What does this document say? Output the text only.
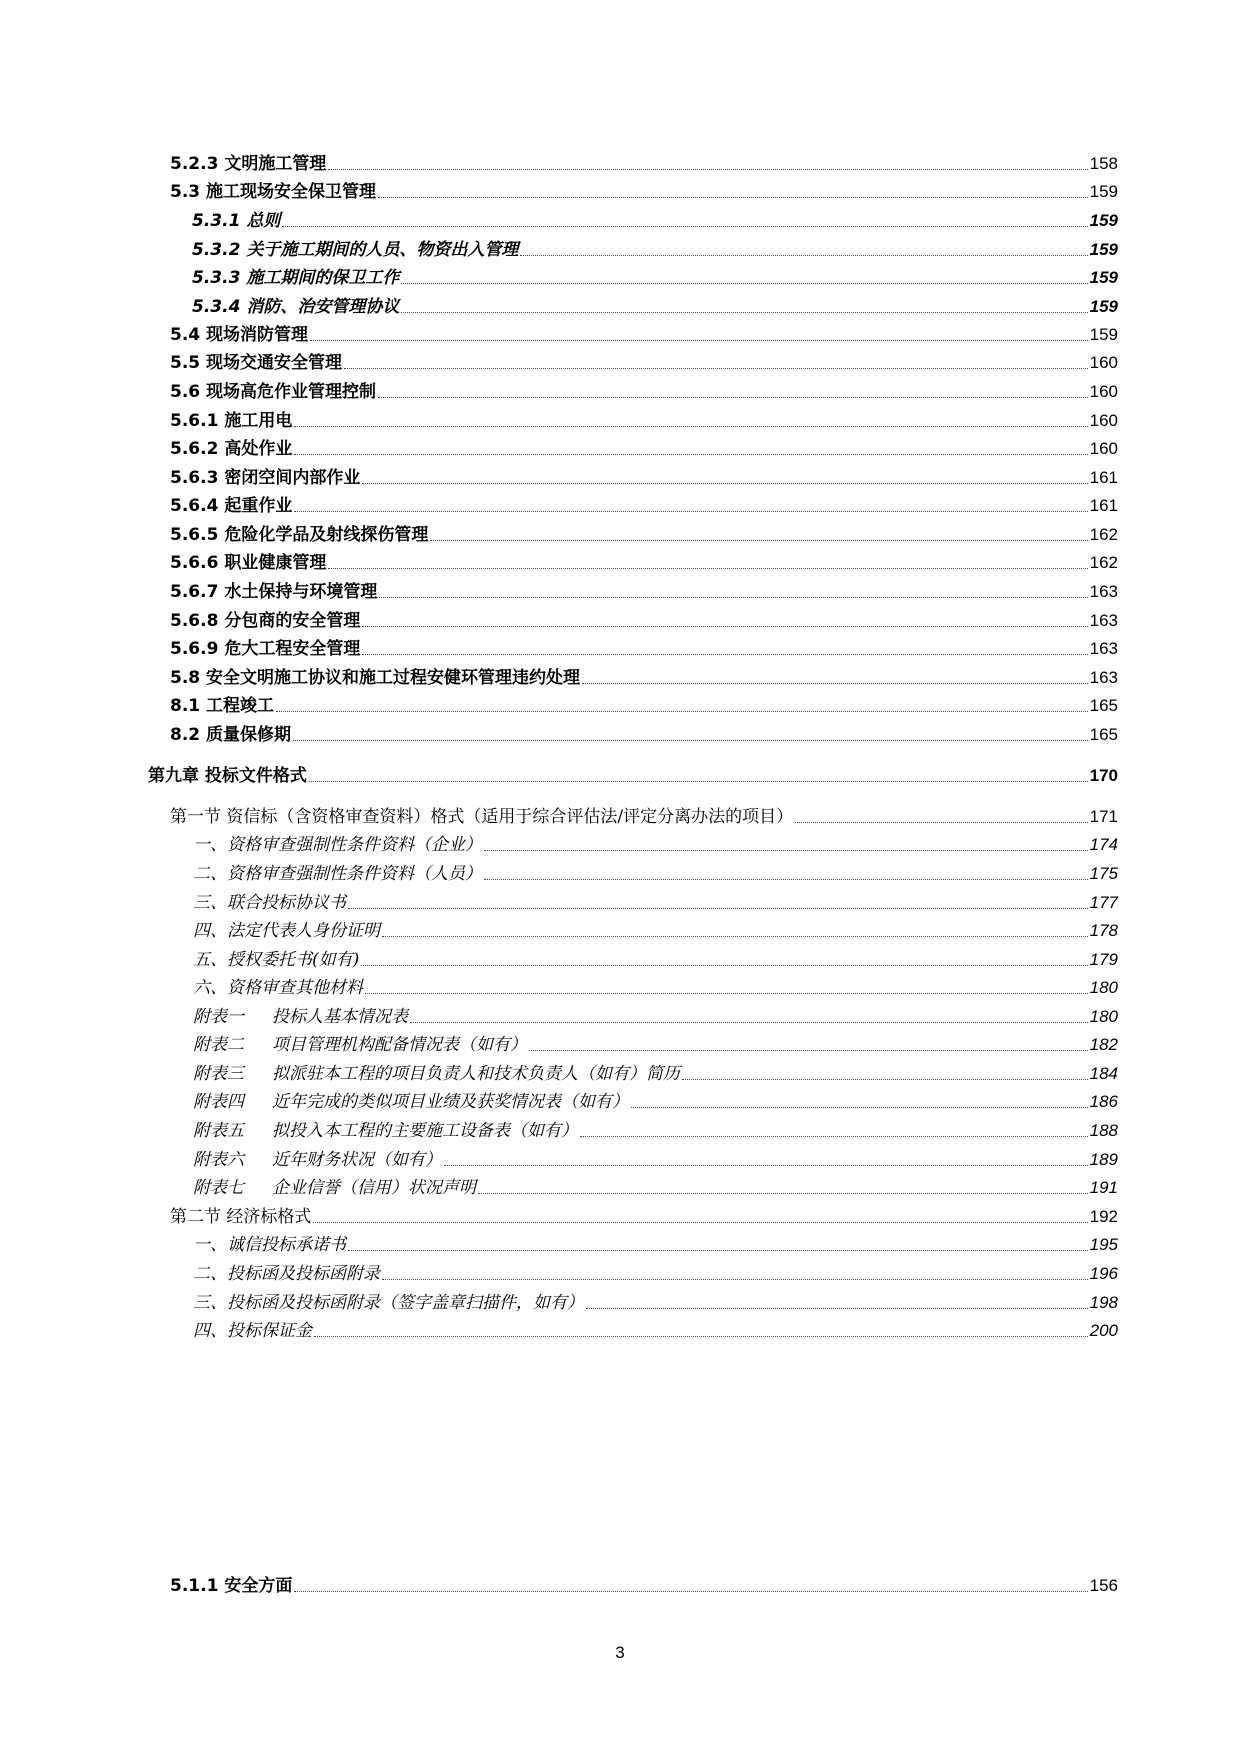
5.2.3 文明施工管理	158
5.3 施工现场安全保卫管理	159
5.3.1 总则	159
5.3.2 关于施工期间的人员、物资出入管理	159
5.3.3 施工期间的保卫工作	159
5.3.4 消防、治安管理协议	159
5.4 现场消防管理	159
5.5 现场交通安全管理	160
5.6 现场高危作业管理控制	160
5.6.1 施工用电	160
5.6.2 高处作业	160
5.6.3 密闭空间内部作业	161
5.6.4 起重作业	161
5.6.5 危险化学品及射线探伤管理	162
5.6.6 职业健康管理	162
5.6.7 水土保持与环境管理	163
5.6.8 分包商的安全管理	163
5.6.9 危大工程安全管理	163
5.8 安全文明施工协议和施工过程安健环管理违约处理	163
8.1 工程竣工	165
8.2 质量保修期	165
第九章 投标文件格式	170
第一节 资信标（含资格审查资料）格式（适用于综合评估法/评定分离办法的项目）	171
一、资格审查强制性条件资料（企业）	174
二、资格审查强制性条件资料（人员）	175
三、联合投标协议书	177
四、法定代表人身份证明	178
五、授权委托书(如有)	179
六、资格审查其他材料	180
附表一 投标人基本情况表	180
附表二 项目管理机构配备情况表（如有）	182
附表三 拟派驻本工程的项目负责人和技术负责人（如有）简历	184
附表四 近年完成的类似项目业绩及获奖情况表（如有）	186
附表五 拟投入本工程的主要施工设备表（如有）	188
附表六 近年财务状况（如有）	189
附表七 企业信誉（信用）状况声明	191
第二节 经济标格式	192
一、诚信投标承诺书	195
二、投标函及投标函附录	196
三、投标函及投标函附录（签字盖章扫描件，如有）	198
四、投标保证金	200
5.1.1 安全方面	156
3
